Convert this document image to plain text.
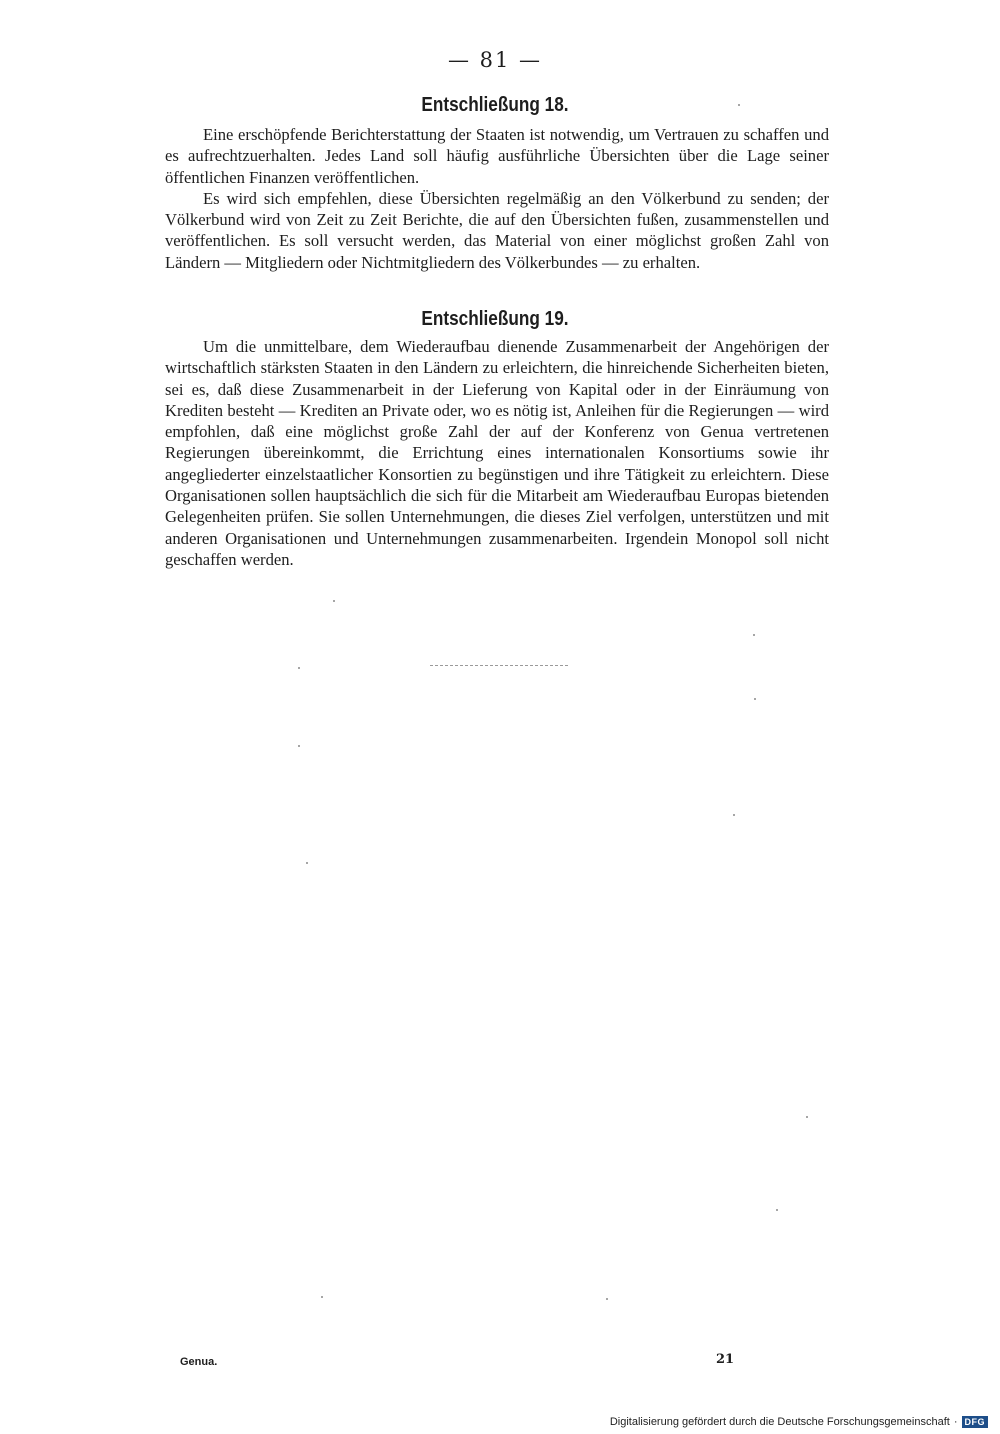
— 81 —
Entschließung 18.

Eine erschöpfende Berichterstattung der Staaten ist notwendig, um Vertrauen zu schaffen und es aufrechtzuerhalten. Jedes Land soll häufig ausführliche Übersichten über die Lage seiner öffentlichen Finanzen veröffentlichen.

Es wird sich empfehlen, diese Übersichten regelmäßig an den Völkerbund zu senden; der Völkerbund wird von Zeit zu Zeit Berichte, die auf den Übersichten fußen, zusammenstellen und veröffentlichen. Es soll versucht werden, das Material von einer möglichst großen Zahl von Ländern — Mitgliedern oder Nichtmitgliedern des Völkerbundes — zu erhalten.

Entschließung 19.

Um die unmittelbare, dem Wiederaufbau dienende Zusammenarbeit der Angehörigen der wirtschaftlich stärksten Staaten in den Ländern zu erleichtern, die hinreichende Sicherheiten bieten, sei es, daß diese Zusammenarbeit in der Lieferung von Kapital oder in der Einräumung von Krediten besteht — Krediten an Private oder, wo es nötig ist, Anleihen für die Regierungen — wird empfohlen, daß eine möglichst große Zahl der auf der Konferenz von Genua vertretenen Regierungen übereinkommt, die Errichtung eines internationalen Konsortiums sowie ihr angegliederter einzelstaatlicher Konsortien zu begünstigen und ihre Tätigkeit zu erleichtern. Diese Organisationen sollen hauptsächlich die sich für die Mitarbeit am Wiederaufbau Europas bietenden Gelegenheiten prüfen. Sie sollen Unternehmungen, die dieses Ziel verfolgen, unterstützen und mit anderen Organisationen und Unternehmungen zusammenarbeiten. Irgendein Monopol soll nicht geschaffen werden.

Genua.	21
Digitalisierung gefördert durch die Deutsche Forschungsgemeinschaft · DFG
